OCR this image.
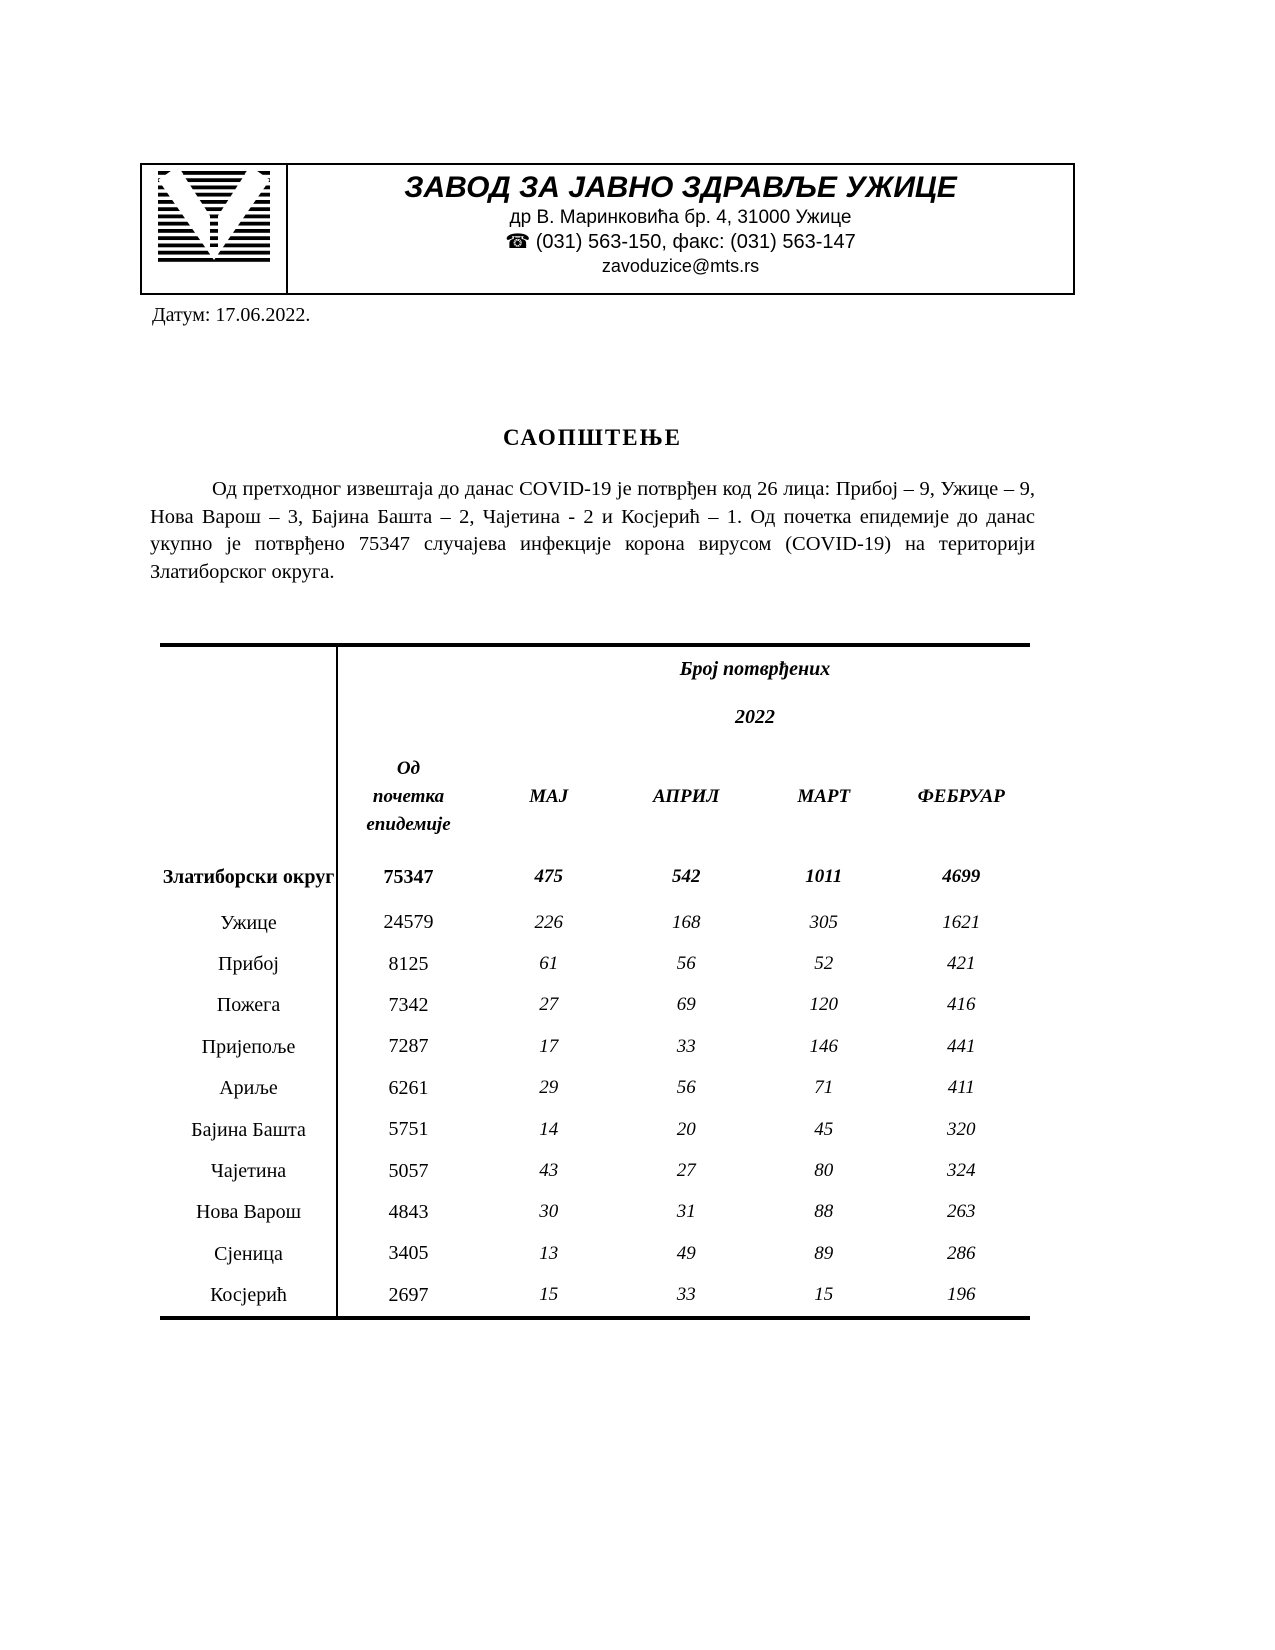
ЗАВОД ЗА ЈАВНО ЗДРАВЉЕ УЖИЦЕ
др В. Маринковића бр. 4, 31000 Ужице
☎ (031) 563-150, факс: (031) 563-147
zavoduzice@mts.rs
Датум: 17.06.2022.
САОПШТЕЊЕ

Од претходног извештаја до данас COVID-19 је потврђен код 26 лица: Прибој – 9, Ужице – 9, Нова Варош – 3, Бајина Башта – 2, Чајетина - 2 и Косјерић – 1. Од почетка епидемије до данас укупно је потврђено 75347 случајева инфекције корона вирусом (COVID-19) на територији Златиборског округа.

Број потврђених
2022
Од почетка епидемије
МАЈ	АПРИЛ	МАРТ	ФЕБРУАР
Златиборски округ	75347	475	542	1011	4699
Ужице	24579	226	168	305	1621
Прибој	8125	61	56	52	421
Пожега	7342	27	69	120	416
Пријепоље	7287	17	33	146	441
Ариље	6261	29	56	71	411
Бајина Башта	5751	14	20	45	320
Чајетина	5057	43	27	80	324
Нова Варош	4843	30	31	88	263
Сјеница	3405	13	49	89	286
Косјерић	2697	15	33	15	196
